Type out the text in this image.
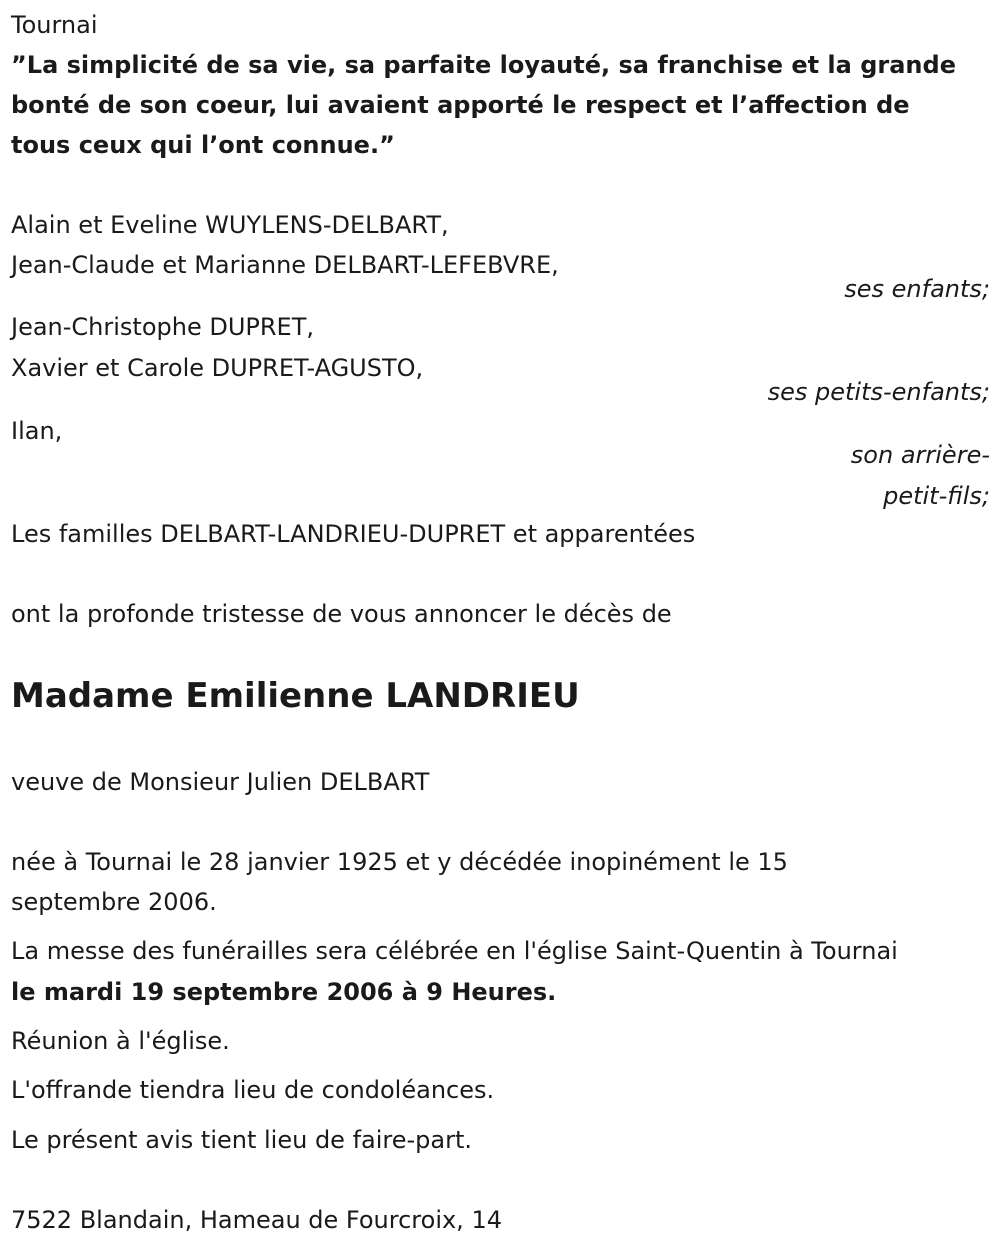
Tournai
”La simplicité de sa vie, sa parfaite loyauté, sa franchise et la grande
bonté de son coeur, lui avaient apporté le respect et l’affection de
tous ceux qui l’ont connue.”
Alain et Eveline WUYLENS-DELBART,
Jean-Claude et Marianne DELBART-LEFEBVRE,
ses enfants;
Jean-Christophe DUPRET,
Xavier et Carole DUPRET-AGUSTO,
ses petits-enfants;
Ilan,
son arrière-
petit-fils;
Les familles DELBART-LANDRIEU-DUPRET et apparentées
ont la profonde tristesse de vous annoncer le décès de
Madame Emilienne LANDRIEU
veuve de Monsieur Julien DELBART
née à Tournai le 28 janvier 1925 et y décédée inopinément le 15
septembre 2006.
La messe des funérailles sera célébrée en l'église Saint-Quentin à Tournai
le mardi 19 septembre 2006 à 9 Heures.
Réunion à l'église.
L'offrande tiendra lieu de condoléances.
Le présent avis tient lieu de faire-part.
7522 Blandain, Hameau de Fourcroix, 14
